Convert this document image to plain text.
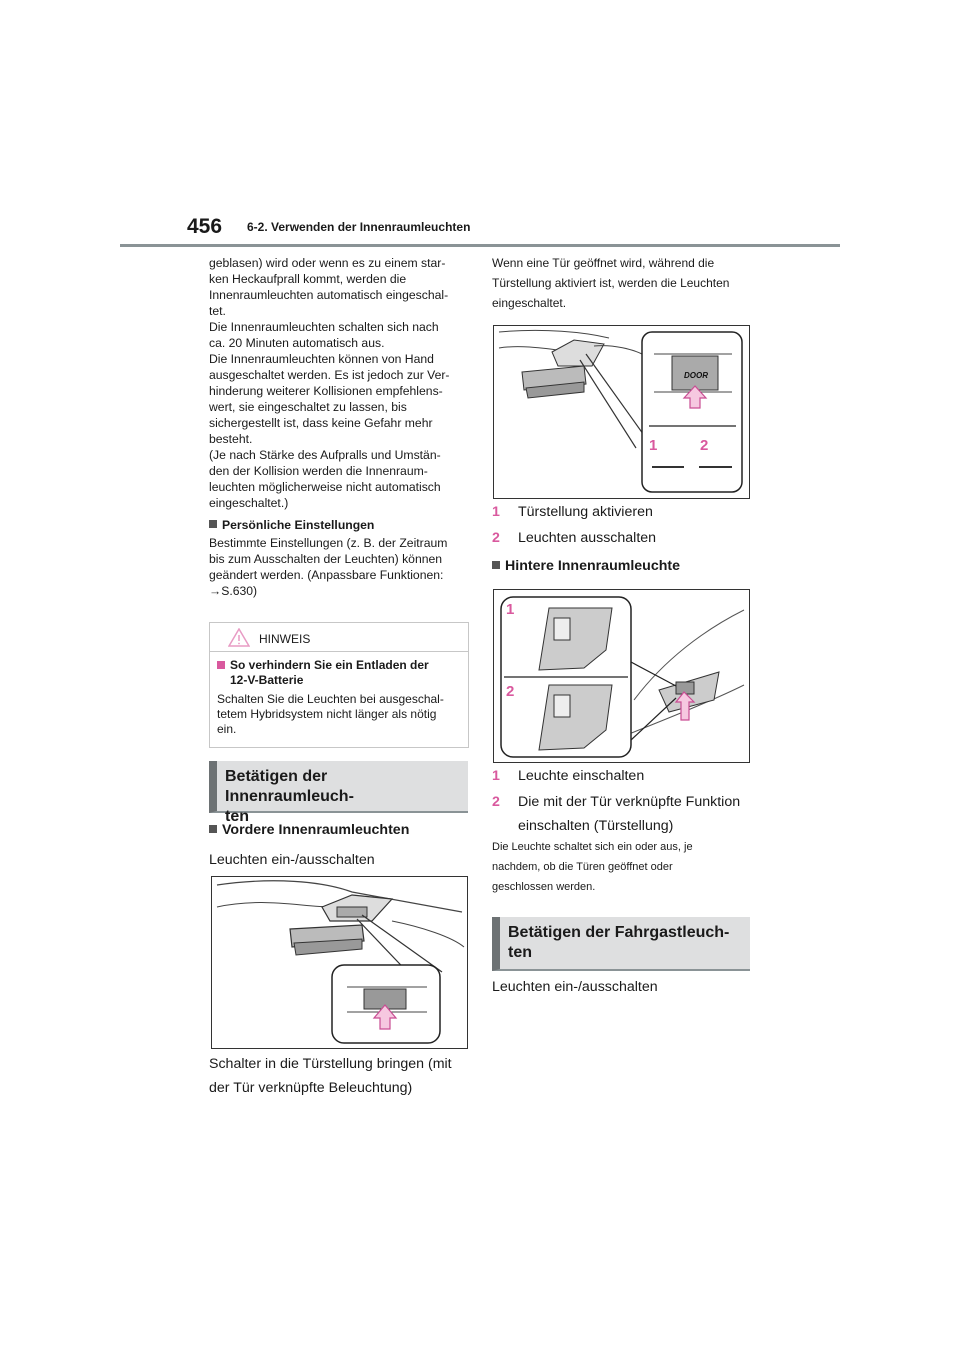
456 6-2. Verwenden der Innenraumleuchten

geblasen) wird oder wenn es zu einem star-
ken Heckaufprall kommt, werden die
Innenraumleuchten automatisch eingeschal-
tet.
Die Innenraumleuchten schalten sich nach
ca. 20 Minuten automatisch aus.
Die Innenraumleuchten können von Hand
ausgeschaltet werden. Es ist jedoch zur Ver-
hinderung weiterer Kollisionen empfehlens-
wert, sie eingeschaltet zu lassen, bis
sichergestellt ist, dass keine Gefahr mehr
besteht.
(Je nach Stärke des Aufpralls und Umstän-
den der Kollision werden die Innenraum-
leuchten möglicherweise nicht automatisch
eingeschaltet.)

Persönliche Einstellungen

Bestimmte Einstellungen (z. B. der Zeitraum
bis zum Ausschalten der Leuchten) können
geändert werden. (Anpassbare Funktionen:
→S.630)

HINWEIS
So verhindern Sie ein Entladen der
12-V-Batterie
Schalten Sie die Leuchten bei ausgeschal-
tetem Hybridsystem nicht länger als nötig
ein.
Betätigen der Innenraumleuch-
ten
Vordere Innenraumleuchten
Leuchten ein-/ausschalten
Schalter in die Türstellung bringen (mit
der Tür verknüpfte Beleuchtung)
Wenn eine Tür geöffnet wird, während die
Türstellung aktiviert ist, werden die Leuchten
eingeschaltet.
DOOR
1	2
1	Türstellung aktivieren
2	Leuchten ausschalten
Hintere Innenraumleuchte
1
2
1	Leuchte einschalten
2	Die mit der Tür verknüpfte Funktion
einschalten (Türstellung)
Die Leuchte schaltet sich ein oder aus, je
nachdem, ob die Türen geöffnet oder
geschlossen werden.
Betätigen der Fahrgastleuch-
ten
Leuchten ein-/ausschalten
